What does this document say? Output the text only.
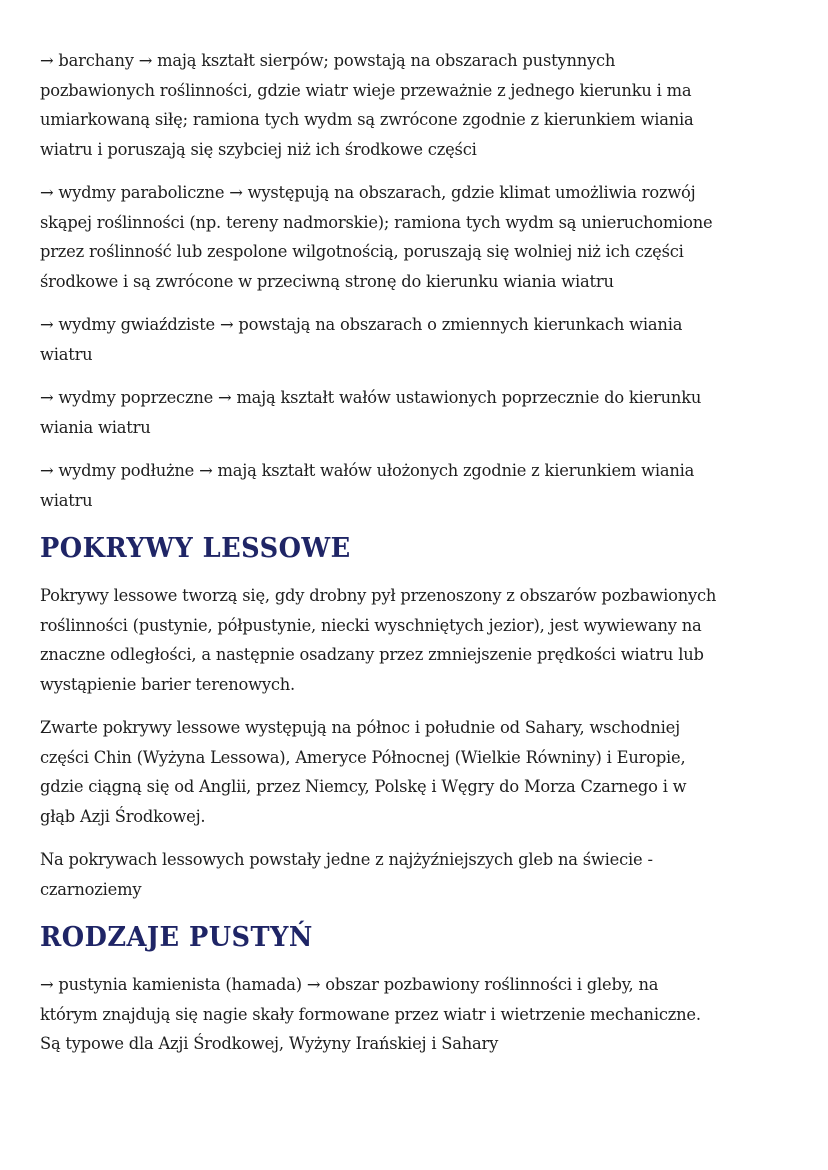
→ barchany → mają kształt sierpów; powstają na obszarach pustynnych
pozbawionych roślinności, gdzie wiatr wieje przeważnie z jednego kierunku i ma
umiarkowaną siłę; ramiona tych wydm są zwrócone zgodnie z kierunkiem wiania
wiatru i poruszają się szybciej niż ich środkowe części

→ wydmy paraboliczne → występują na obszarach, gdzie klimat umożliwia rozwój
skąpej roślinności (np. tereny nadmorskie); ramiona tych wydm są unieruchomione
przez roślinność lub zespolone wilgotnością, poruszają się wolniej niż ich części
środkowe i są zwrócone w przeciwną stronę do kierunku wiania wiatru

→ wydmy gwiaździste → powstają na obszarach o zmiennych kierunkach wiania
wiatru

→ wydmy poprzeczne → mają kształt wałów ustawionych poprzecznie do kierunku
wiania wiatru

→ wydmy podłużne → mają kształt wałów ułożonych zgodnie z kierunkiem wiania
wiatru

POKRYWY LESSOWE

Pokrywy lessowe tworzą się, gdy drobny pył przenoszony z obszarów pozbawionych
roślinności (pustynie, półpustynie, niecki wyschniętych jezior), jest wywiewany na
znaczne odległości, a następnie osadzany przez zmniejszenie prędkości wiatru lub
wystąpienie barier terenowych.

Zwarte pokrywy lessowe występują na północ i południe od Sahary, wschodniej
części Chin (Wyżyna Lessowa), Ameryce Północnej (Wielkie Równiny) i Europie,
gdzie ciągną się od Anglii, przez Niemcy, Polskę i Węgry do Morza Czarnego i w
głąb Azji Środkowej.

Na pokrywach lessowych powstały jedne z najżyźniejszych gleb na świecie -
czarnoziemy

RODZAJE PUSTYŃ

→ pustynia kamienista (hamada) → obszar pozbawiony roślinności i gleby, na
którym znajdują się nagie skały formowane przez wiatr i wietrzenie mechaniczne.
Są typowe dla Azji Środkowej, Wyżyny Irańskiej i Sahary
